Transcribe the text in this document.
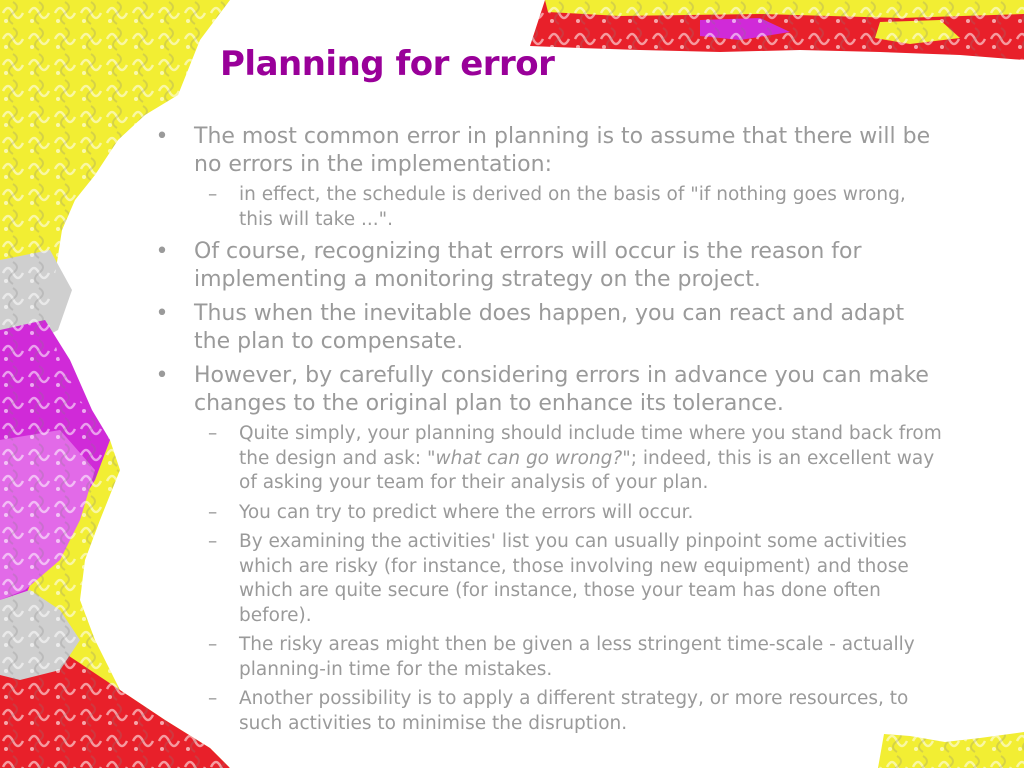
Planning for error
• The most common error in planning is to assume that there will be no errors in the implementation:
– in effect, the schedule is derived on the basis of "if nothing goes wrong, this will take ...".
• Of course, recognizing that errors will occur is the reason for implementing a monitoring strategy on the project.
• Thus when the inevitable does happen, you can react and adapt the plan to compensate.
• However, by carefully considering errors in advance you can make changes to the original plan to enhance its tolerance.
– Quite simply, your planning should include time where you stand back from the design and ask: "what can go wrong?"; indeed, this is an excellent way of asking your team for their analysis of your plan.
– You can try to predict where the errors will occur.
– By examining the activities' list you can usually pinpoint some activities which are risky (for instance, those involving new equipment) and those which are quite secure (for instance, those your team has done often before).
– The risky areas might then be given a less stringent time-scale - actually planning-in time for the mistakes.
– Another possibility is to apply a different strategy, or more resources, to such activities to minimise the disruption.
